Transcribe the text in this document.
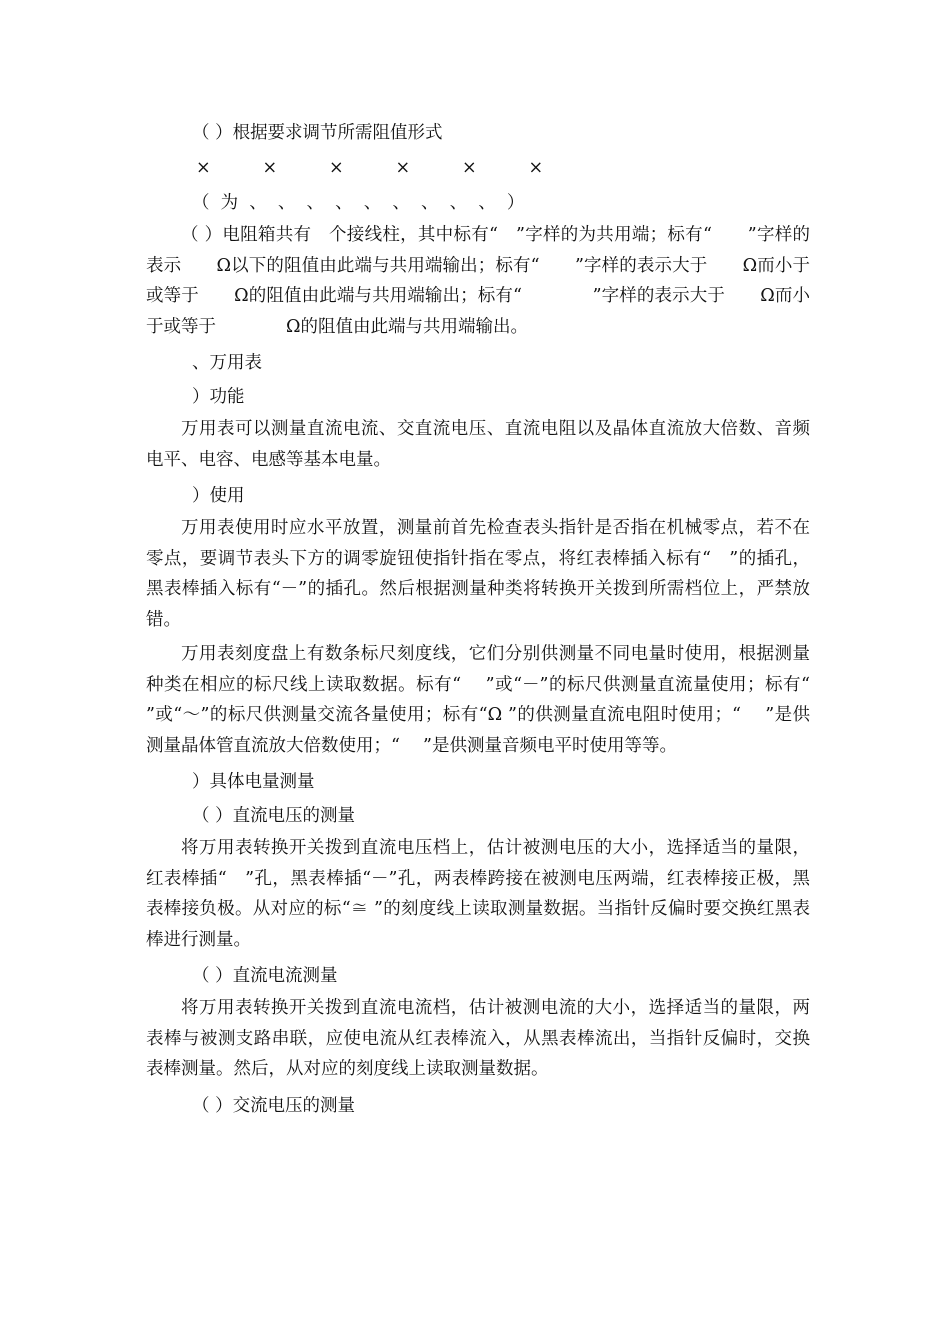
（ ）根据要求调节所需阻值形式

×	×	×	×	×	×

（  为  、  、  、  、  、  、  、  、  、  ）

（ ）电阻箱共有　个接线柱，其中标有“　”字样的为共用端；标有“　　”字样的表示　　Ω以下的阻值由此端与共用端输出；标有“　　”字样的表示大于　　Ω而小于或等于　　Ω的阻值由此端与共用端输出；标有“　　　　”字样的表示大于　　Ω而小于或等于　　　　Ω的阻值由此端与共用端输出。

、万用表

）功能

万用表可以测量直流电流、交直流电压、直流电阻以及晶体直流放大倍数、音频电平、电容、电感等基本电量。

）使用

万用表使用时应水平放置，测量前首先检查表头指针是否指在机械零点，若不在零点，要调节表头下方的调零旋钮使指针指在零点，将红表棒插入标有“　”的插孔，黑表棒插入标有“－”的插孔。然后根据测量种类将转换开关拨到所需档位上，严禁放错。

万用表刻度盘上有数条标尺刻度线，它们分别供测量不同电量时使用，根据测量种类在相应的标尺线上读取数据。标有“　 ”或“－”的标尺供测量直流量使用；标有“　 ”或“～”的标尺供测量交流各量使用；标有“Ω ”的供测量直流电阻时使用；“　 ”是供测量晶体管直流放大倍数使用；“　 ”是供测量音频电平时使用等等。

）具体电量测量

（ ）直流电压的测量

将万用表转换开关拨到直流电压档上，估计被测电压的大小，选择适当的量限，红表棒插“　”孔，黑表棒插“－”孔，两表棒跨接在被测电压两端，红表棒接正极，黑表棒接负极。从对应的标“≅ ”的刻度线上读取测量数据。当指针反偏时要交换红黑表棒进行测量。

（ ）直流电流测量

将万用表转换开关拨到直流电流档，估计被测电流的大小，选择适当的量限，两表棒与被测支路串联，应使电流从红表棒流入，从黑表棒流出，当指针反偏时，交换表棒测量。然后，从对应的刻度线上读取测量数据。

（ ）交流电压的测量
